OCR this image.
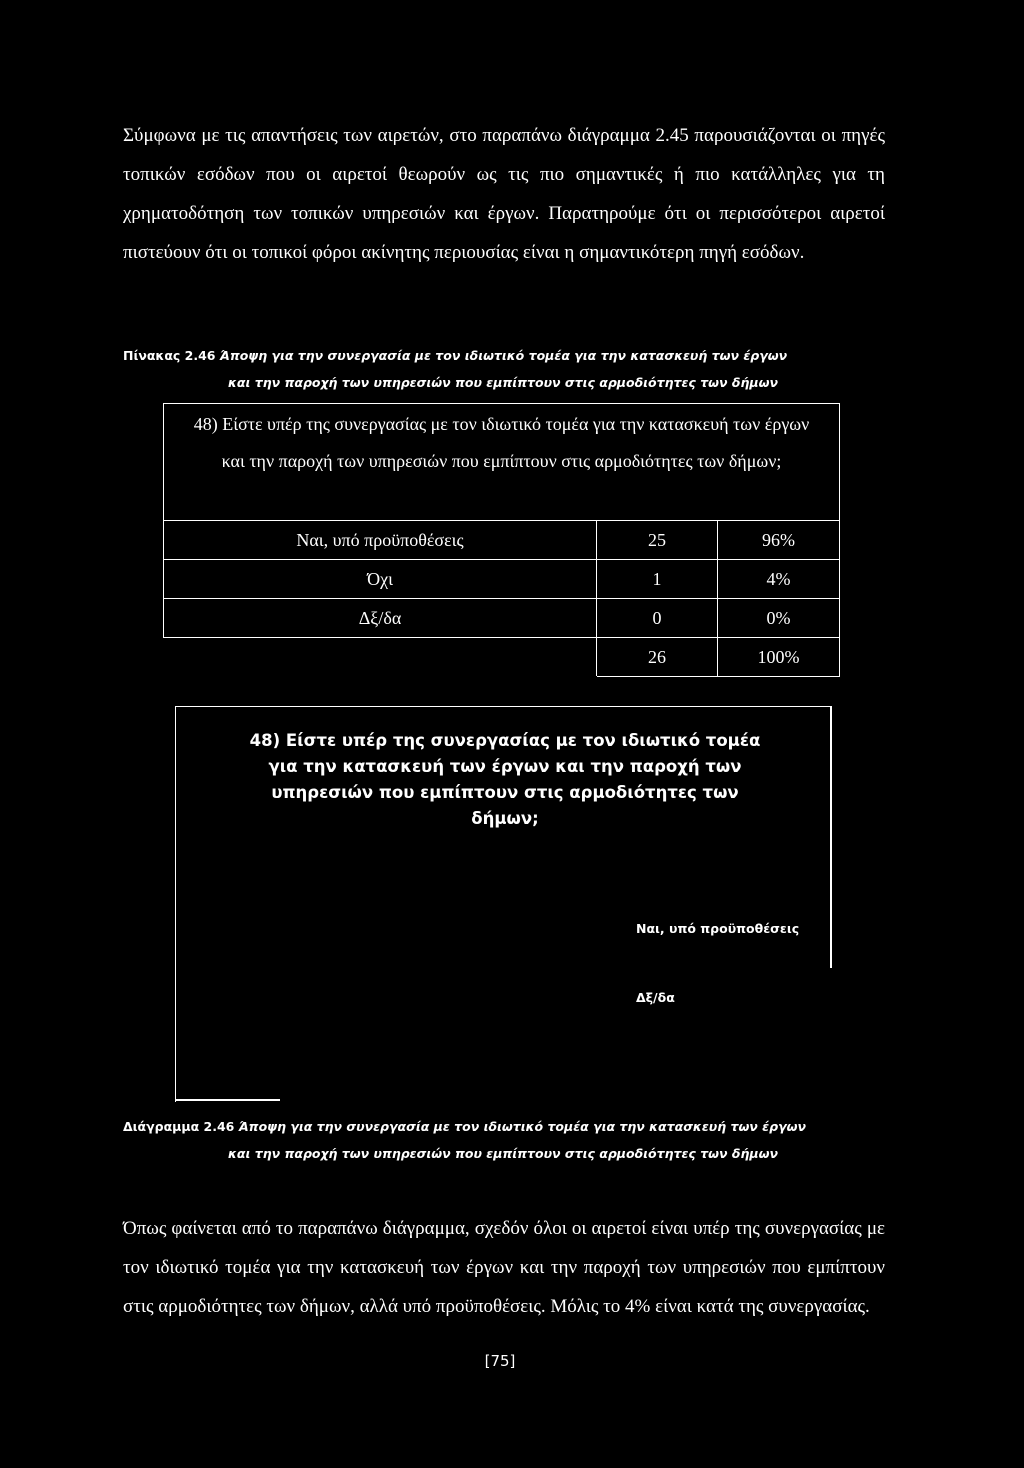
Σύμφωνα με τις απαντήσεις των αιρετών, στο παραπάνω διάγραμμα 2.45 παρουσιάζονται οι πηγές τοπικών εσόδων που οι αιρετοί θεωρούν ως τις πιο σημαντικές ή πιο κατάλληλες για τη χρηματοδότηση των τοπικών υπηρεσιών και έργων. Παρατηρούμε ότι οι περισσότεροι αιρετοί πιστεύουν ότι οι τοπικοί φόροι ακίνητης περιουσίας είναι η σημαντικότερη πηγή εσόδων.

Πίνακας 2.46 Άποψη για την συνεργασία με τον ιδιωτικό τομέα για την κατασκευή των έργων
και την παροχή των υπηρεσιών που εμπίπτουν στις αρμοδιότητες των δήμων

48) Είστε υπέρ της συνεργασίας με τον ιδιωτικό τομέα για την κατασκευή των έργων και την παροχή των υπηρεσιών που εμπίπτουν στις αρμοδιότητες των δήμων;		
Ναι, υπό προϋποθέσεις	25	96%
Όχι	1	4%
Δξ/δα	0	0%
	26	100%

48) Είστε υπέρ της συνεργασίας με τον ιδιωτικό τομέα για την κατασκευή των έργων και την παροχή των υπηρεσιών που εμπίπτουν στις αρμοδιότητες των δήμων;

Ναι, υπό προϋποθέσεις
Δξ/δα

Διάγραμμα 2.46 Άποψη για την συνεργασία με τον ιδιωτικό τομέα για την κατασκευή των έργων
και την παροχή των υπηρεσιών που εμπίπτουν στις αρμοδιότητες των δήμων

Όπως φαίνεται από το παραπάνω διάγραμμα, σχεδόν όλοι οι αιρετοί είναι υπέρ της συνεργασίας με τον ιδιωτικό τομέα για την κατασκευή των έργων και την παροχή των υπηρεσιών που εμπίπτουν στις αρμοδιότητες των δήμων, αλλά υπό προϋποθέσεις. Μόλις το 4% είναι κατά της συνεργασίας.

[75]
